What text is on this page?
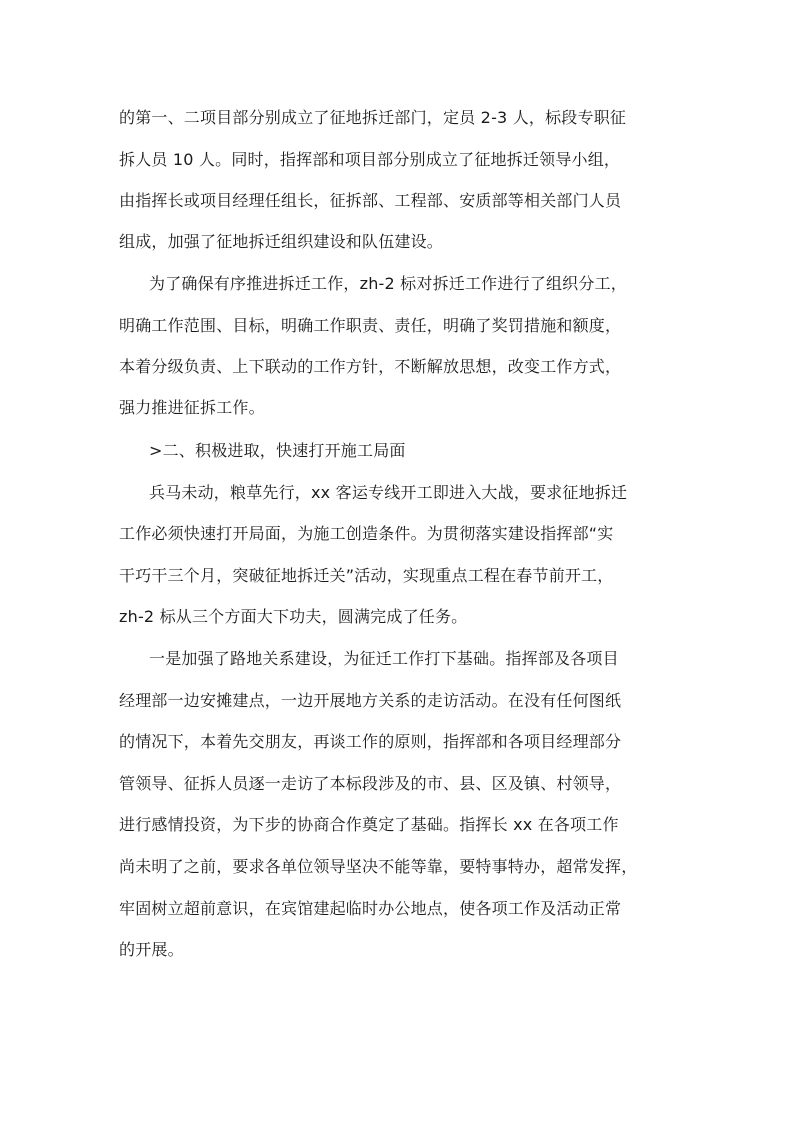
的第一、二项目部分别成立了征地拆迁部门，定员 2-3 人，标段专职征
拆人员 10 人。同时，指挥部和项目部分别成立了征地拆迁领导小组，
由指挥长或项目经理任组长，征拆部、工程部、安质部等相关部门人员
组成，加强了征地拆迁组织建设和队伍建设。
为了确保有序推进拆迁工作，zh-2 标对拆迁工作进行了组织分工，
明确工作范围、目标，明确工作职责、责任，明确了奖罚措施和额度，
本着分级负责、上下联动的工作方针，不断解放思想，改变工作方式，
强力推进征拆工作。
>二、积极进取，快速打开施工局面
兵马未动，粮草先行，xx 客运专线开工即进入大战，要求征地拆迁
工作必须快速打开局面，为施工创造条件。为贯彻落实建设指挥部“实
干巧干三个月，突破征地拆迁关”活动，实现重点工程在春节前开工，
zh-2 标从三个方面大下功夫，圆满完成了任务。
一是加强了路地关系建设，为征迁工作打下基础。指挥部及各项目
经理部一边安摊建点，一边开展地方关系的走访活动。在没有任何图纸
的情况下，本着先交朋友，再谈工作的原则，指挥部和各项目经理部分
管领导、征拆人员逐一走访了本标段涉及的市、县、区及镇、村领导，
进行感情投资，为下步的协商合作奠定了基础。指挥长 xx 在各项工作
尚未明了之前，要求各单位领导坚决不能等靠，要特事特办，超常发挥，
牢固树立超前意识，在宾馆建起临时办公地点，使各项工作及活动正常
的开展。
